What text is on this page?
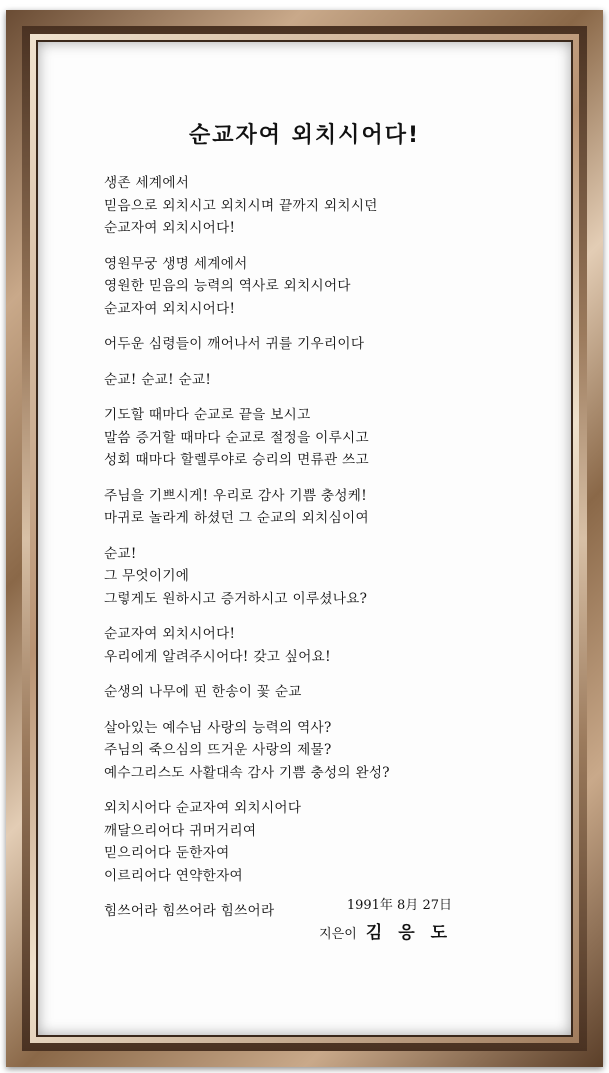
순교자여 외치시어다!
생존 세계에서
믿음으로 외치시고 외치시며 끝까지 외치시던
순교자여 외치시어다!
영원무궁 생명 세계에서
영원한 믿음의 능력의 역사로 외치시어다
순교자여 외치시어다!
어두운 심령들이 깨어나서 귀를 기우리이다
순교! 순교! 순교!
기도할 때마다 순교로 끝을 보시고
말씀 증거할 때마다 순교로 절정을 이루시고
성회 때마다 할렐루야로 승리의 면류관 쓰고
주님을 기쁘시게! 우리로 감사 기쁨 충성케!
마귀로 놀라게 하셨던 그 순교의 외치심이여
순교!
그 무엇이기에
그렇게도 원하시고 증거하시고 이루셨나요?
순교자여 외치시어다!
우리에게 알려주시어다! 갖고 싶어요!
순생의 나무에 핀 한송이 꽃 순교
살아있는 예수님 사랑의 능력의 역사?
주님의 죽으심의 뜨거운 사랑의 제물?
예수그리스도 사활대속 감사 기쁨 충성의 완성?
외치시어다 순교자여 외치시어다
깨달으리어다 귀머거리여
믿으리어다 둔한자여
이르리어다 연약한자여
힘쓰어라 힘쓰어라 힘쓰어라	1991年 8月 27日
지은이 김 응 도
